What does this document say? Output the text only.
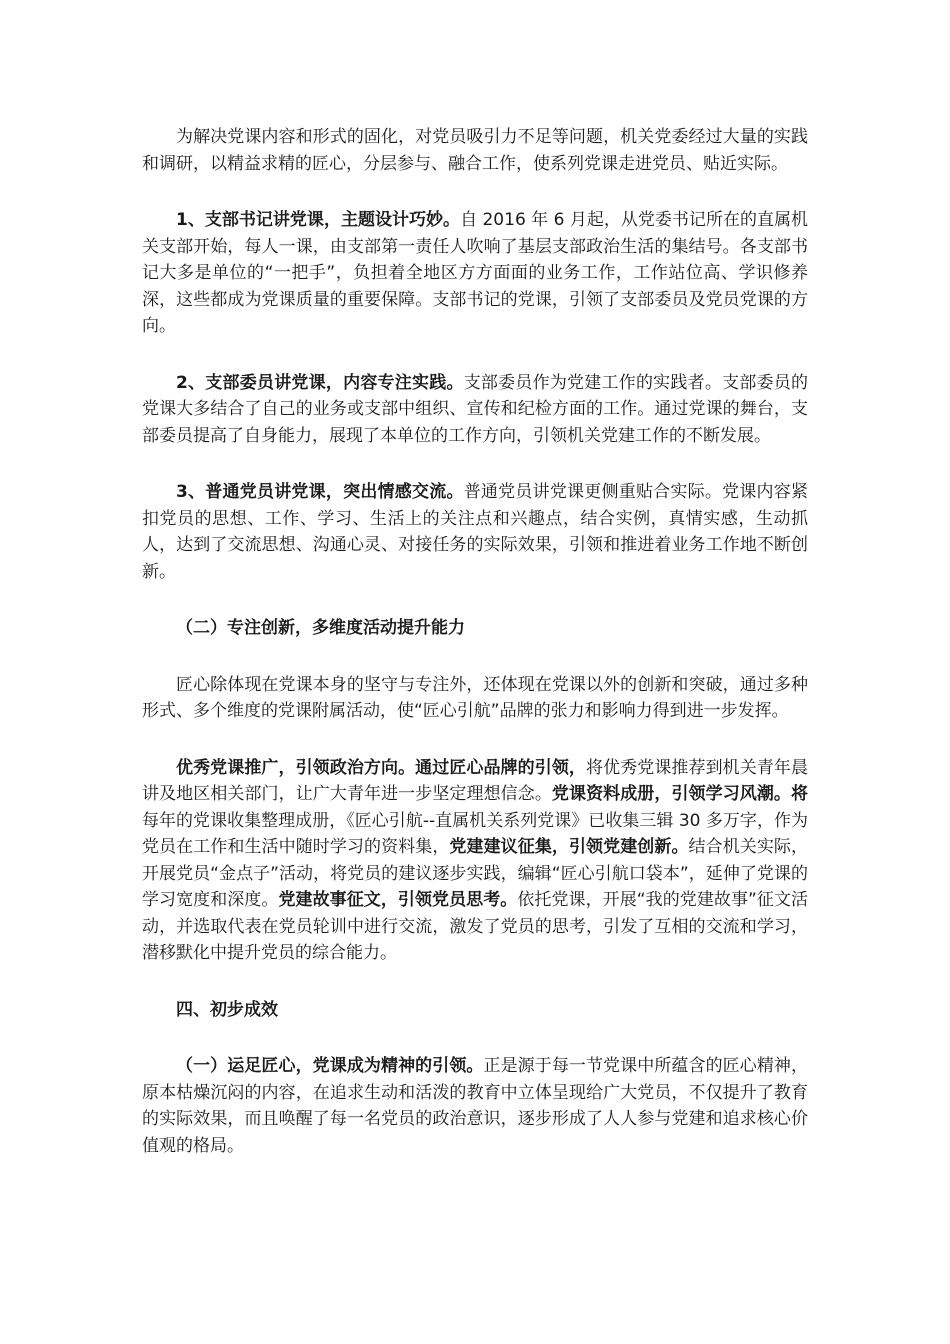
为解决党课内容和形式的固化，对党员吸引力不足等问题，机关党委经过大量的实践和调研，以精益求精的匠心，分层参与、融合工作，使系列党课走进党员、贴近实际。

1、支部书记讲党课，主题设计巧妙。自 2016 年 6 月起，从党委书记所在的直属机关支部开始，每人一课，由支部第一责任人吹响了基层支部政治生活的集结号。各支部书记大多是单位的“一把手”，负担着全地区方方面面的业务工作，工作站位高、学识修养深，这些都成为党课质量的重要保障。支部书记的党课，引领了支部委员及党员党课的方向。

2、支部委员讲党课，内容专注实践。支部委员作为党建工作的实践者。支部委员的党课大多结合了自己的业务或支部中组织、宣传和纪检方面的工作。通过党课的舞台，支部委员提高了自身能力，展现了本单位的工作方向，引领机关党建工作的不断发展。

3、普通党员讲党课，突出情感交流。普通党员讲党课更侧重贴合实际。党课内容紧扣党员的思想、工作、学习、生活上的关注点和兴趣点，结合实例，真情实感，生动抓人，达到了交流思想、沟通心灵、对接任务的实际效果，引领和推进着业务工作地不断创新。

（二）专注创新，多维度活动提升能力

匠心除体现在党课本身的坚守与专注外，还体现在党课以外的创新和突破，通过多种形式、多个维度的党课附属活动，使“匠心引航”品牌的张力和影响力得到进一步发挥。

优秀党课推广，引领政治方向。通过匠心品牌的引领，将优秀党课推荐到机关青年晨讲及地区相关部门，让广大青年进一步坚定理想信念。党课资料成册，引领学习风潮。将每年的党课收集整理成册，《匠心引航--直属机关系列党课》已收集三辑 30 多万字，作为党员在工作和生活中随时学习的资料集，党建建议征集，引领党建创新。结合机关实际，开展党员“金点子”活动，将党员的建议逐步实践，编辑“匠心引航口袋本”，延伸了党课的学习宽度和深度。党建故事征文，引领党员思考。依托党课，开展“我的党建故事”征文活动，并选取代表在党员轮训中进行交流，激发了党员的思考，引发了互相的交流和学习，潜移默化中提升党员的综合能力。

四、初步成效

（一）运足匠心，党课成为精神的引领。正是源于每一节党课中所蕴含的匠心精神，原本枯燥沉闷的内容，在追求生动和活泼的教育中立体呈现给广大党员，不仅提升了教育的实际效果，而且唤醒了每一名党员的政治意识，逐步形成了人人参与党建和追求核心价值观的格局。
